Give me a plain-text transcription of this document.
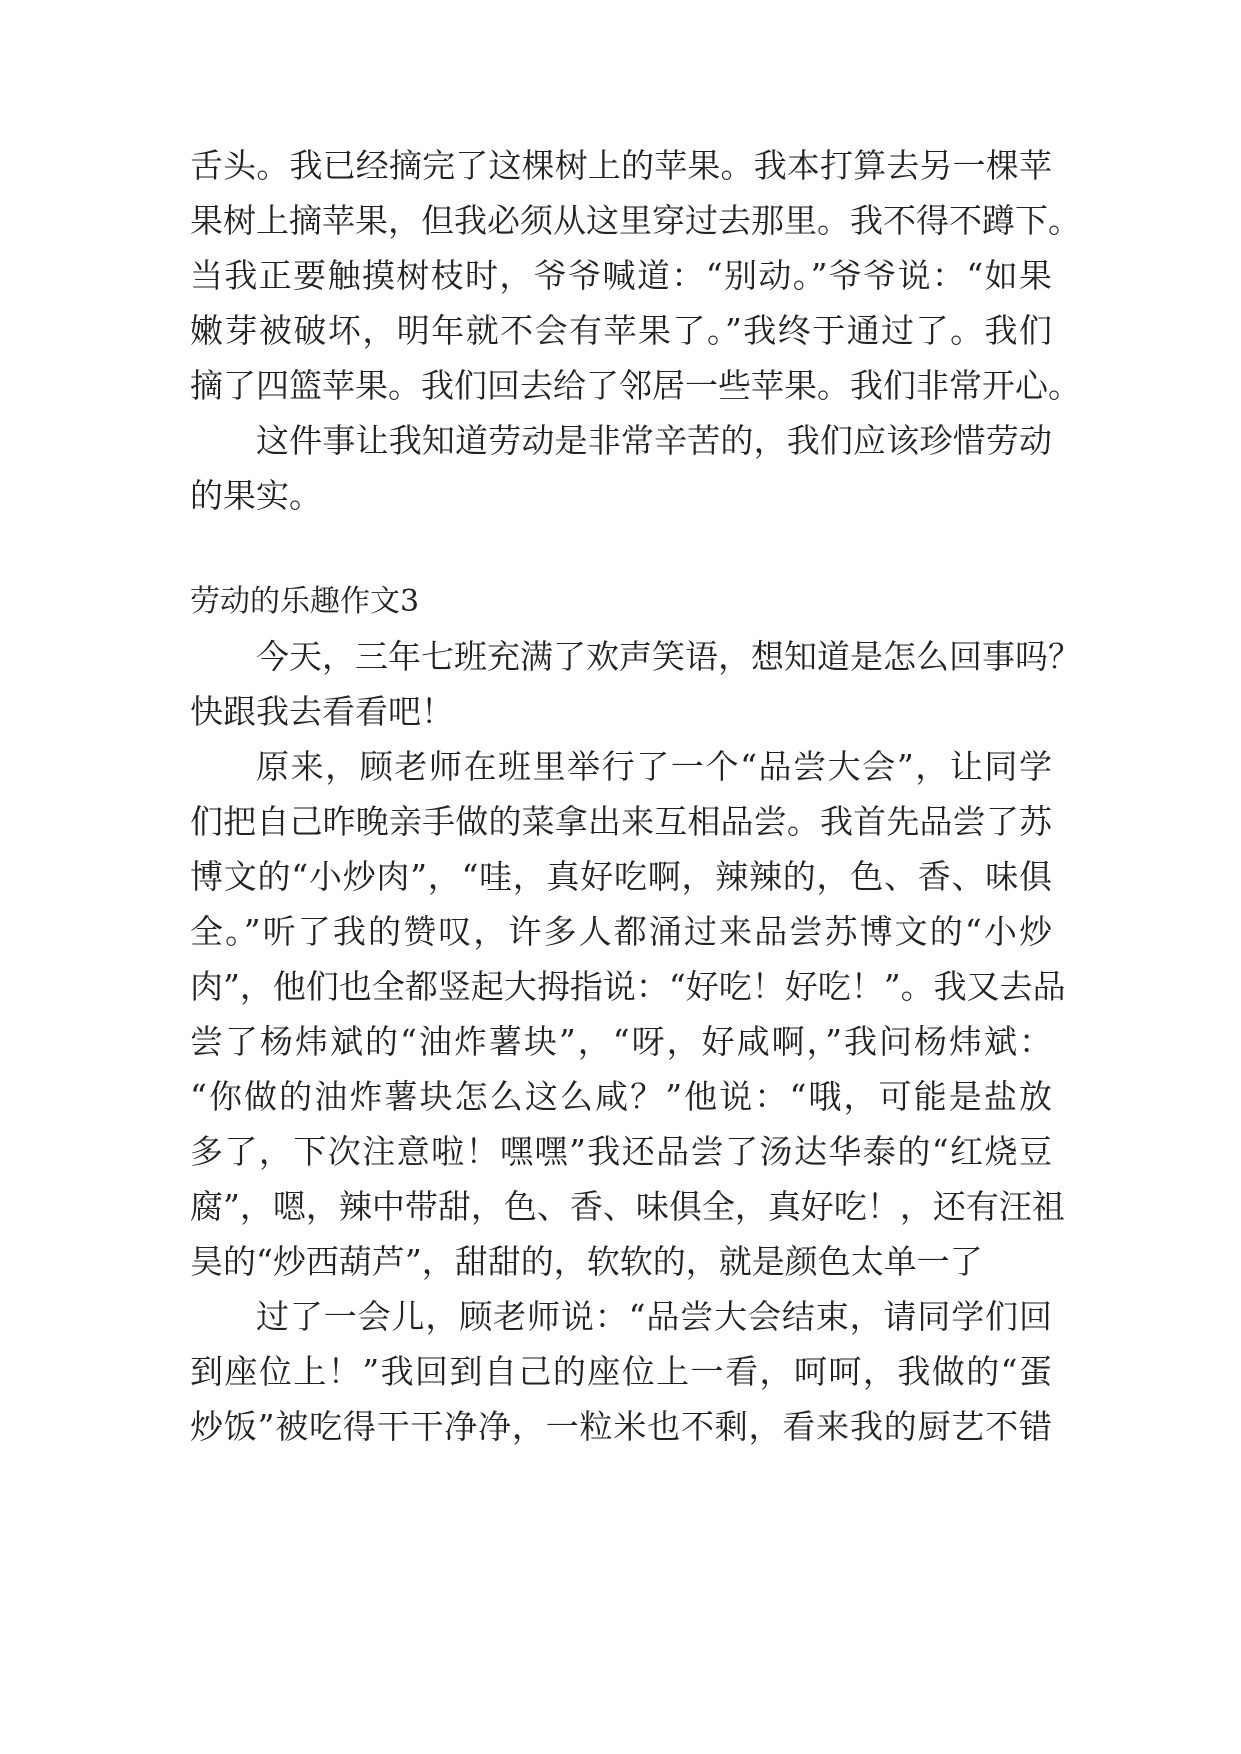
舌头。我已经摘完了这棵树上的苹果。我本打算去另一棵苹
果树上摘苹果，但我必须从这里穿过去那里。我不得不蹲下。
当我正要触摸树枝时，爷爷喊道：“别动。”爷爷说：“如果
嫩芽被破坏，明年就不会有苹果了。”我终于通过了。我们
摘了四篮苹果。我们回去给了邻居一些苹果。我们非常开心。
这件事让我知道劳动是非常辛苦的，我们应该珍惜劳动
的果实。
劳动的乐趣作文3
今天，三年七班充满了欢声笑语，想知道是怎么回事吗？
快跟我去看看吧！
原来，顾老师在班里举行了一个“品尝大会”，让同学
们把自己昨晚亲手做的菜拿出来互相品尝。我首先品尝了苏
博文的“小炒肉”，“哇，真好吃啊，辣辣的，色、香、味俱
全。”听了我的赞叹，许多人都涌过来品尝苏博文的“小炒
肉”，他们也全都竖起大拇指说：“好吃！好吃！”。我又去品
尝了杨炜斌的“油炸薯块”，“呀，好咸啊，”我问杨炜斌：
“你做的油炸薯块怎么这么咸？”他说：“哦，可能是盐放
多了，下次注意啦！嘿嘿”我还品尝了汤达华泰的“红烧豆
腐”，嗯，辣中带甜，色、香、味俱全，真好吃！，还有汪祖
昊的“炒西葫芦”，甜甜的，软软的，就是颜色太单一了
过了一会儿，顾老师说：“品尝大会结束，请同学们回
到座位上！”我回到自己的座位上一看，呵呵，我做的“蛋
炒饭”被吃得干干净净，一粒米也不剩，看来我的厨艺不错
